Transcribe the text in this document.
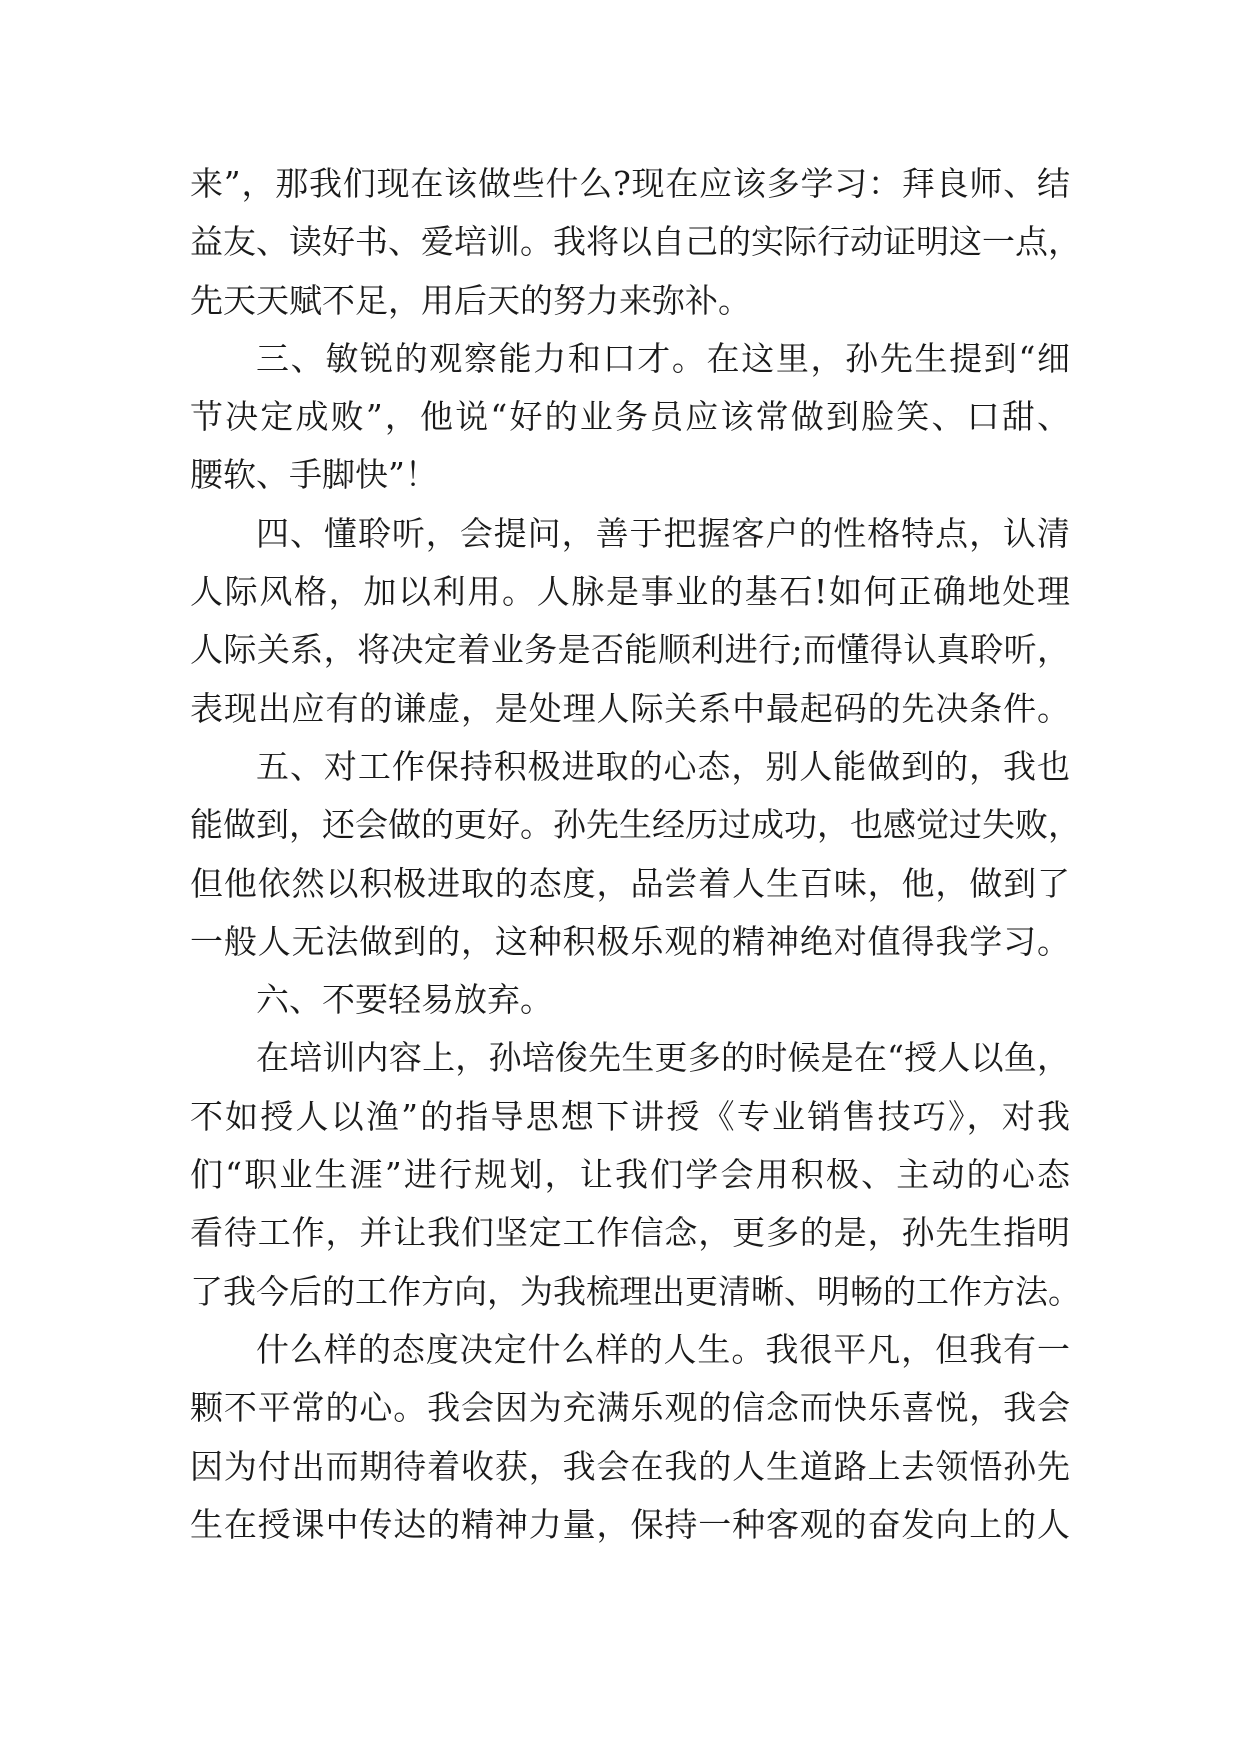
来”，那我们现在该做些什么?现在应该多学习：拜良师、结
益友、读好书、爱培训。我将以自己的实际行动证明这一点，
先天天赋不足，用后天的努力来弥补。
三、敏锐的观察能力和口才。在这里，孙先生提到“细
节决定成败”，他说“好的业务员应该常做到脸笑、口甜、
腰软、手脚快”！
四、懂聆听，会提问，善于把握客户的性格特点，认清
人际风格，加以利用。人脉是事业的基石!如何正确地处理
人际关系，将决定着业务是否能顺利进行;而懂得认真聆听，
表现出应有的谦虚，是处理人际关系中最起码的先决条件。
五、对工作保持积极进取的心态，别人能做到的，我也
能做到，还会做的更好。孙先生经历过成功，也感觉过失败，
但他依然以积极进取的态度，品尝着人生百味，他，做到了
一般人无法做到的，这种积极乐观的精神绝对值得我学习。
六、不要轻易放弃。
在培训内容上，孙培俊先生更多的时候是在“授人以鱼，
不如授人以渔”的指导思想下讲授《专业销售技巧》，对我
们“职业生涯”进行规划，让我们学会用积极、主动的心态
看待工作，并让我们坚定工作信念，更多的是，孙先生指明
了我今后的工作方向，为我梳理出更清晰、明畅的工作方法。
什么样的态度决定什么样的人生。我很平凡，但我有一
颗不平常的心。我会因为充满乐观的信念而快乐喜悦，我会
因为付出而期待着收获，我会在我的人生道路上去领悟孙先
生在授课中传达的精神力量，保持一种客观的奋发向上的人
